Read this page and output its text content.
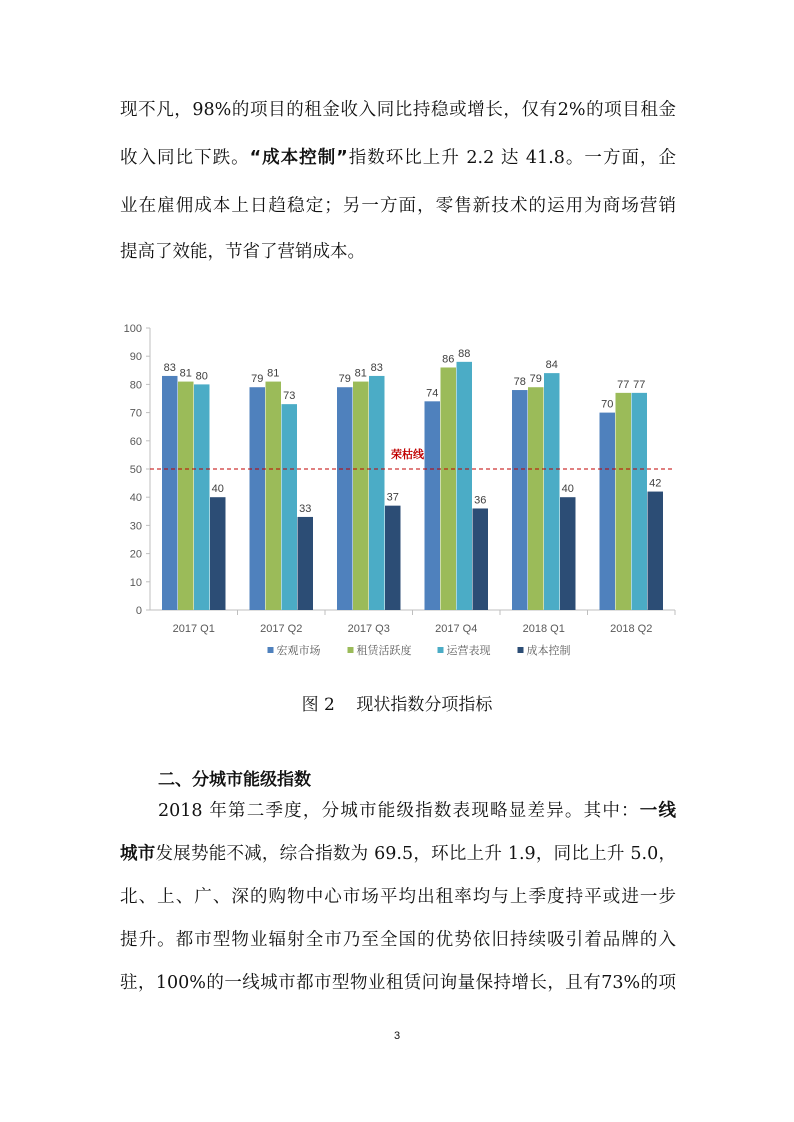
现不凡，98%的项目的租金收入同比持稳或增长，仅有2%的项目租金
收入同比下跌。“成本控制”指数环比上升 2.2 达 41.8。一方面，企
业在雇佣成本上日趋稳定；另一方面，零售新技术的运用为商场营销
提高了效能，节省了营销成本。
0
10
20
30
40
50
60
70
80
90
100
2017 Q1
83 81 80
40
2017 Q2
79 81
73
33
2017 Q3
79 81 83
37
2017 Q4
74
86 88
36
2018 Q1
78 79
84
40
2018 Q2
70
77 77
42
荣枯线
宏观市场	租赁活跃度	运营表现	成本控制
图 2    现状指数分项指标
二、分城市能级指数
2018 年第二季度，分城市能级指数表现略显差异。其中：一线
城市发展势能不减，综合指数为 69.5，环比上升 1.9，同比上升 5.0，
北、上、广、深的购物中心市场平均出租率均与上季度持平或进一步
提升。都市型物业辐射全市乃至全国的优势依旧持续吸引着品牌的入
驻，100%的一线城市都市型物业租赁问询量保持增长，且有73%的项
3
